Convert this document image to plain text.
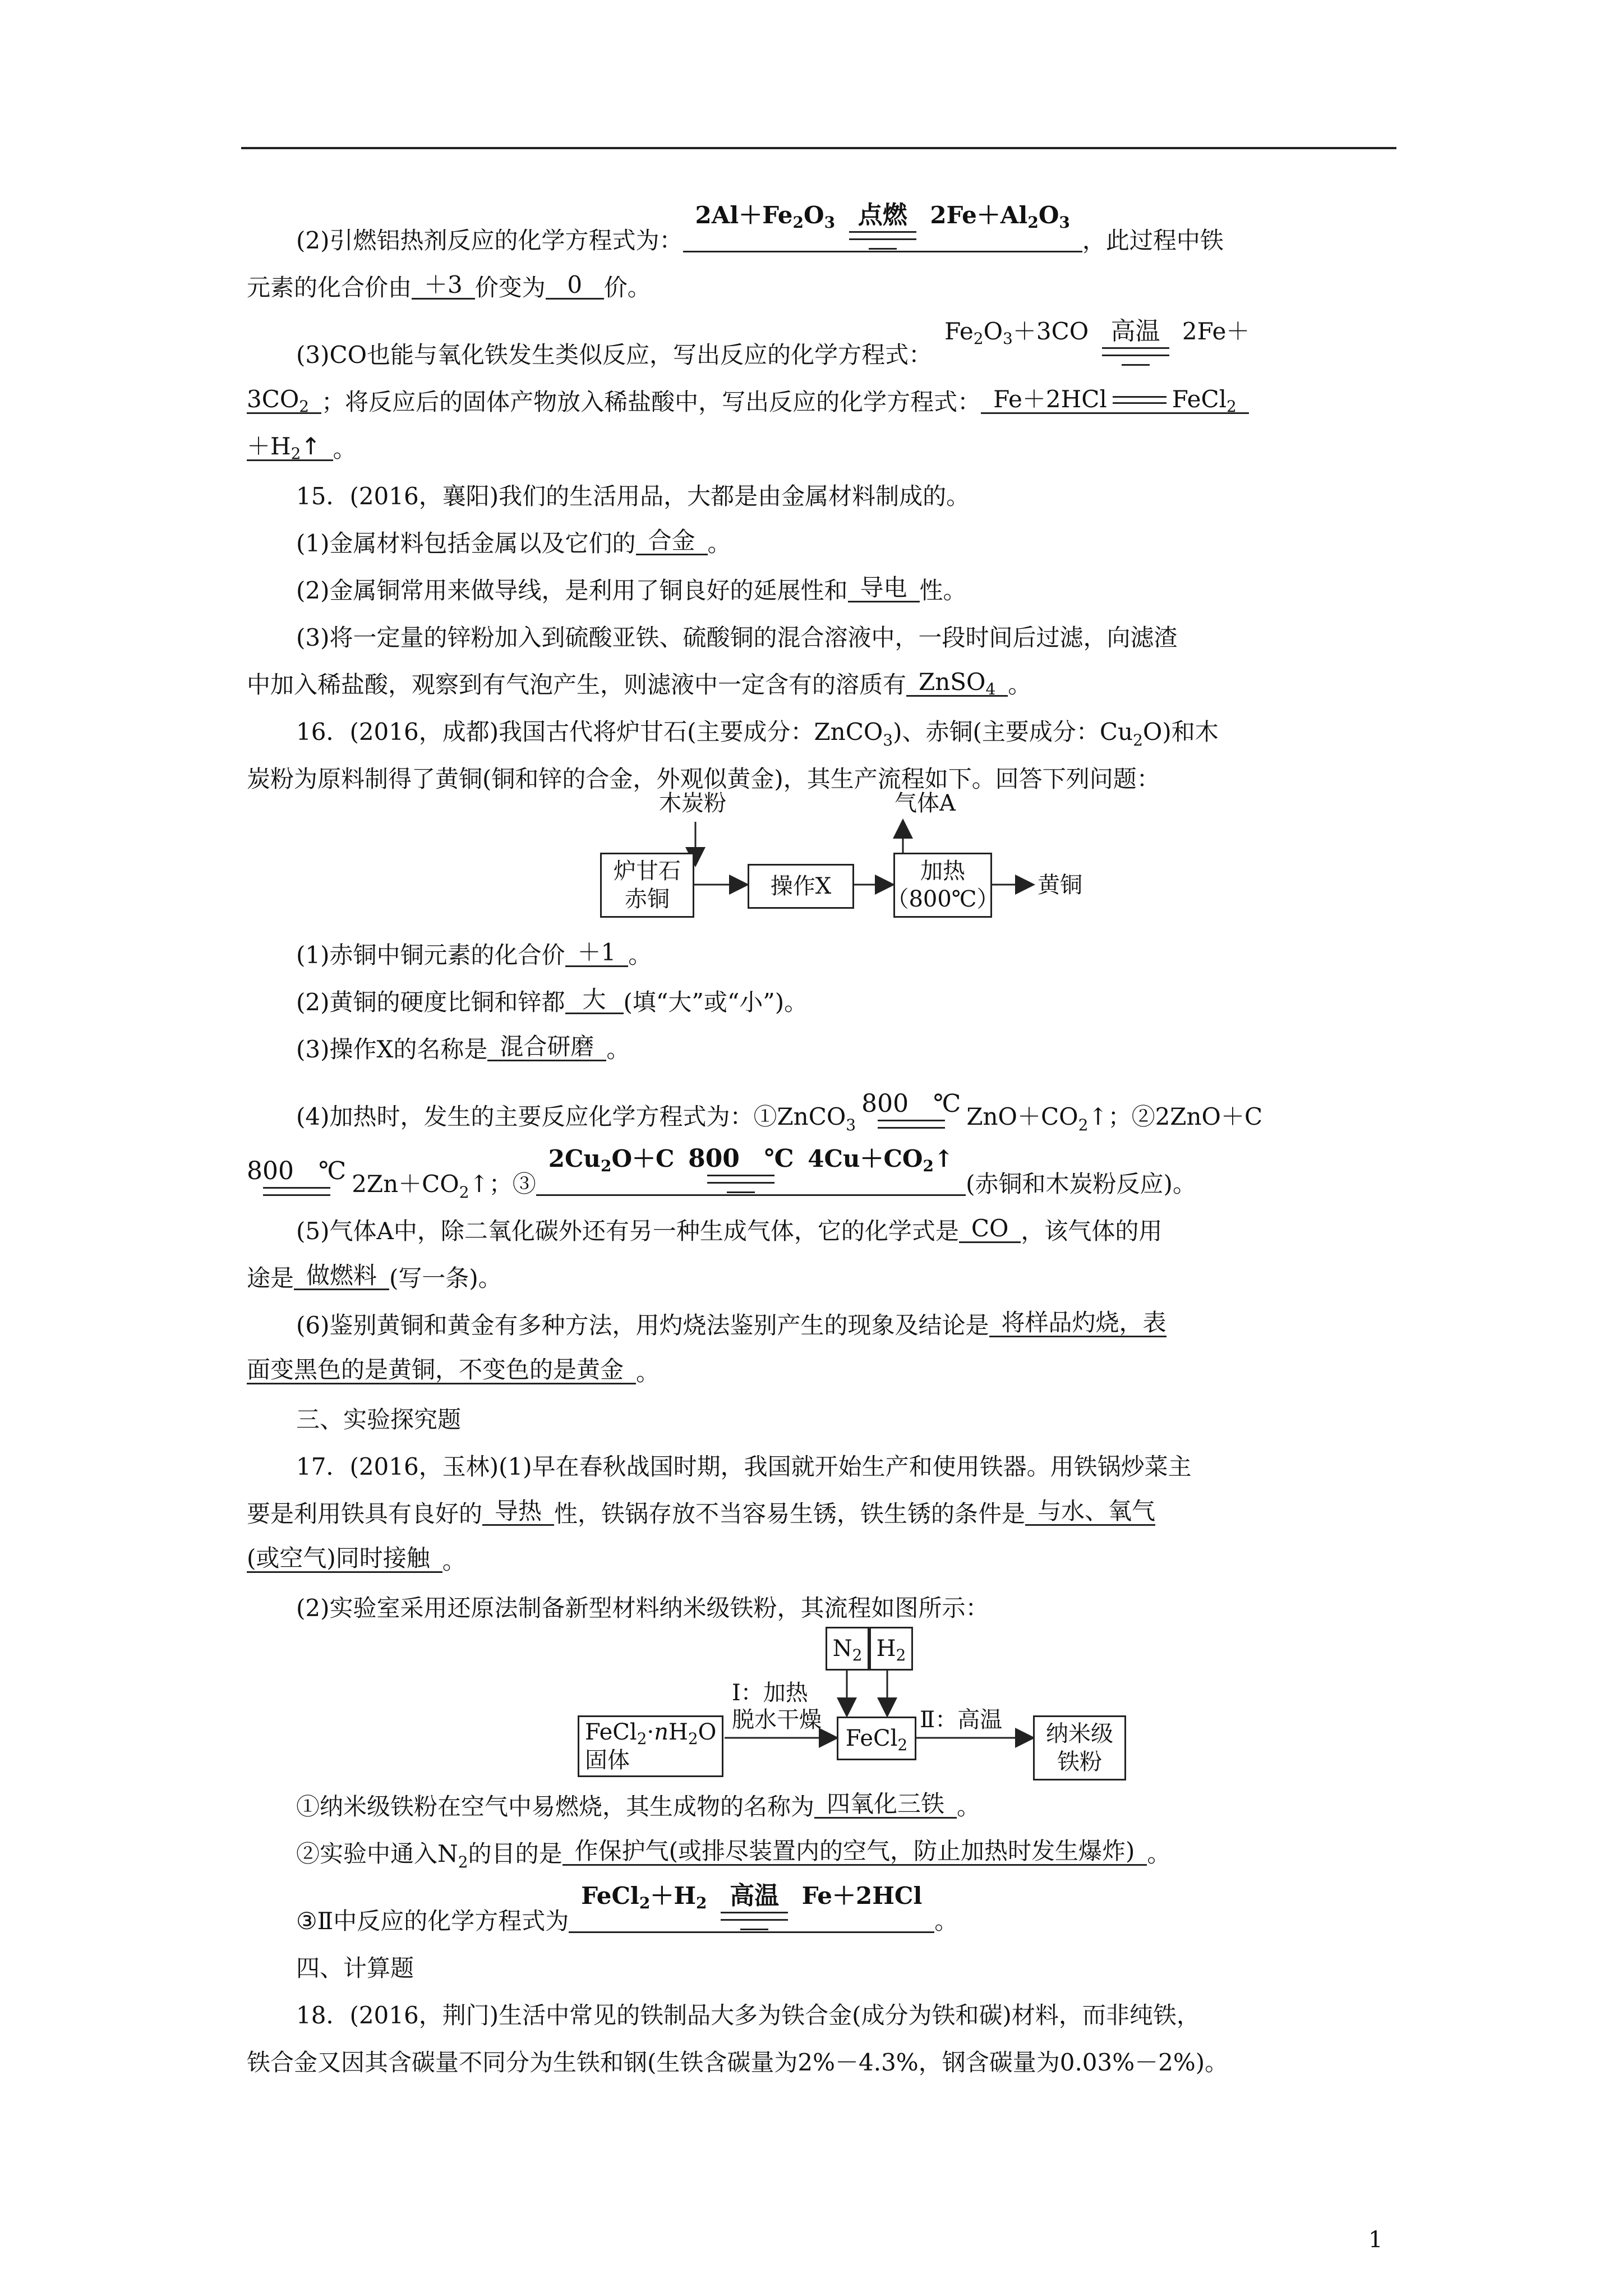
(2)引燃铝热剂反应的化学方程式为：
2Al＋Fe2O3 点燃 2Fe＋Al2O3
，此过程中铁
元素的化合价由 ＋3 价变为 0 价。
(3)CO也能与氧化铁发生类似反应，写出反应的化学方程式：
Fe2O3＋3CO 高温 2Fe＋
3CO2 ；将反应后的固体产物放入稀盐酸中，写出反应的化学方程式： Fe＋2HCl	FeCl2
＋H2↑ 。
15．(2016，襄阳)我们的生活用品，大都是由金属材料制成的。
(1)金属材料包括金属以及它们的 合金 。
(2)金属铜常用来做导线，是利用了铜良好的延展性和 导电 性。
(3)将一定量的锌粉加入到硫酸亚铁、硫酸铜的混合溶液中，一段时间后过滤，向滤渣
中加入稀盐酸，观察到有气泡产生，则滤液中一定含有的溶质有 ZnSO4 。
16．(2016，成都)我国古代将炉甘石(主要成分：ZnCO 3 )、赤铜(主要成分：Cu 2 O)和木
炭粉为原料制得了黄铜(铜和锌的合金，外观似黄金)，其生产流程如下。回答下列问题：
木炭粉	气体A
炉甘石
赤铜	操作X
加热
（800℃）
黄铜
(1)赤铜中铜元素的化合价 ＋1 。
(2)黄铜的硬度比铜和锌都 大 (填“大”或“小”)。
(3)操作X的名称是 混合研磨 。
(4)加热时，发生的主要反应化学方程式为：①ZnCO 3
800　℃ ZnO＋CO 2 ↑；②2ZnO＋C
800　℃ 2Zn＋CO 2 ↑；③
2Cu2O＋C 800　℃ 4Cu＋CO2↑
(赤铜和木炭粉反应)。
(5)气体A中，除二氧化碳外还有另一种生成气体，它的化学式是 CO ，该气体的用
途是 做燃料 (写一条)。
(6)鉴别黄铜和黄金有多种方法，用灼烧法鉴别产生的现象及结论是 将样品灼烧，表
面变黑色的是黄铜，不变色的是黄金 。
三、实验探究题
17．(2016，玉林)(1)早在春秋战国时期，我国就开始生产和使用铁器。用铁锅炒菜主
要是利用铁具有良好的 导热 性，铁锅存放不当容易生锈，铁生锈的条件是 与水、氧气
(或空气)同时接触 。
(2)实验室采用还原法制备新型材料纳米级铁粉，其流程如图所示：
$N_2$ $H_2$
$FeCl_2\cdot nH_2O$
固体
Ⅰ：加热
脱水干燥
FeCl$_2$
Ⅱ：高温
纳米级
铁粉
①纳米级铁粉在空气中易燃烧，其生成物的名称为 四氧化三铁 。
②实验中通入N 2 的目的是 作保护气(或排尽装置内的空气，防止加热时发生爆炸) 。
③Ⅱ中反应的化学方程式为
FeCl2＋H2 高温 Fe＋2HCl
。
四、计算题
18．(2016，荆门)生活中常见的铁制品大多为铁合金(成分为铁和碳)材料，而非纯铁，
铁合金又因其含碳量不同分为生铁和钢(生铁含碳量为2%－4.3%，钢含碳量为0.03%－2%)。
1
